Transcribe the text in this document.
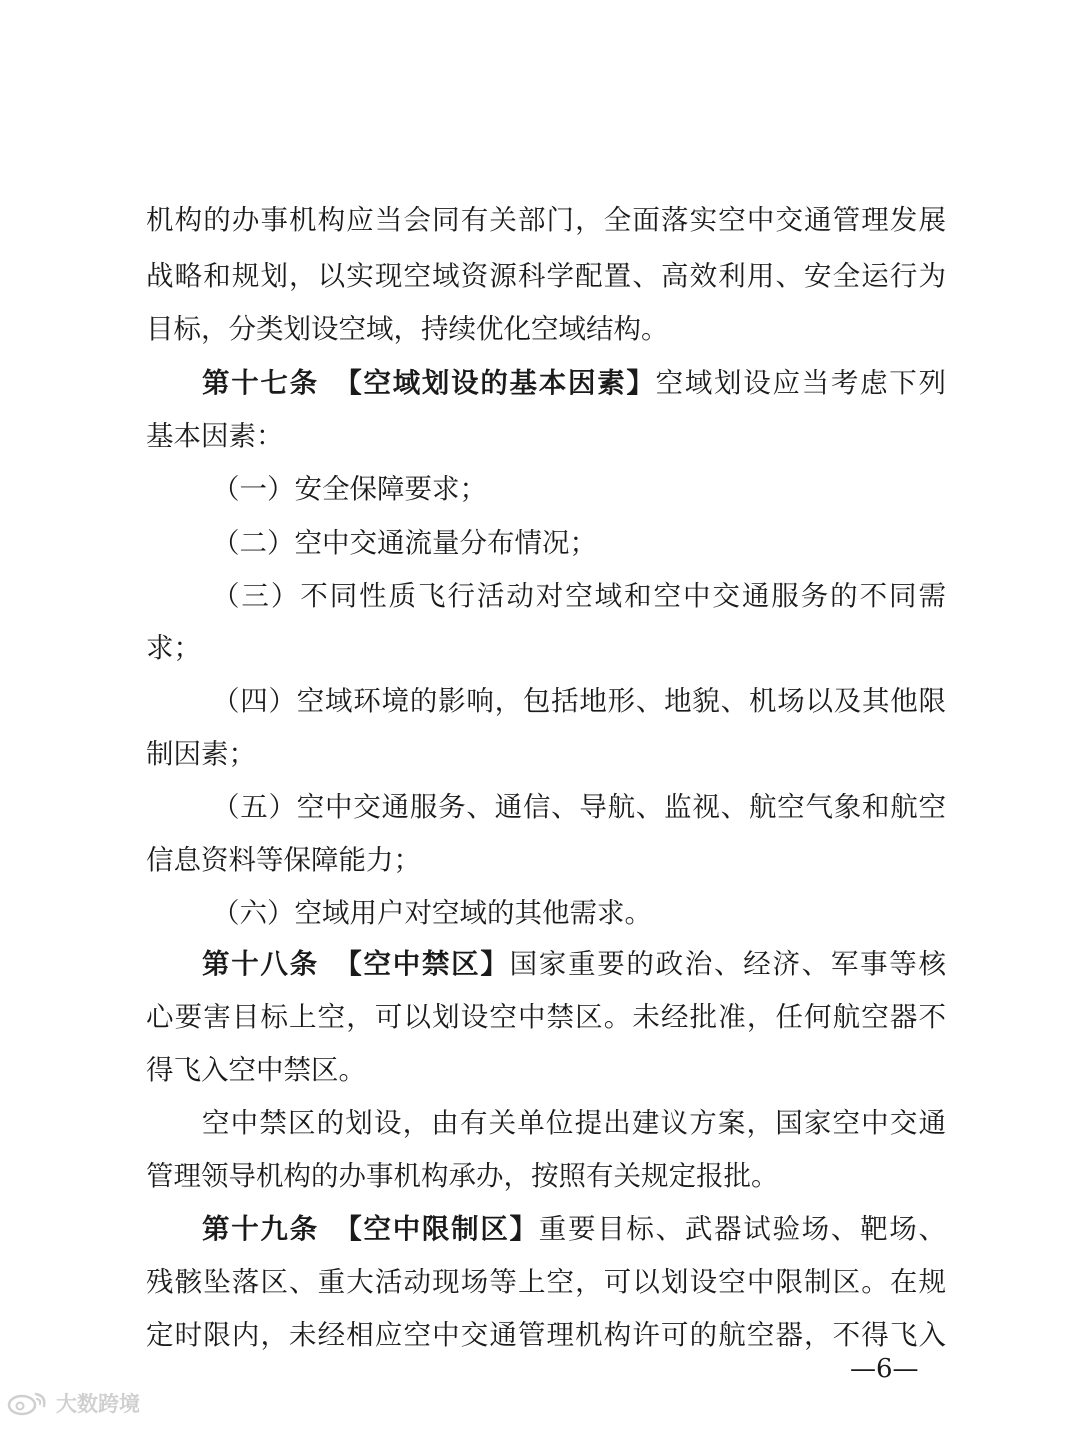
机构的办事机构应当会同有关部门，全面落实空中交通管理发展
战略和规划，以实现空域资源科学配置、高效利用、安全运行为
目标，分类划设空域，持续优化空域结构。
第十七条　【空域划设的基本因素】空域划设应当考虑下列
基本因素：
（一）安全保障要求；
（二）空中交通流量分布情况；
（三）不同性质飞行活动对空域和空中交通服务的不同需
求；
（四）空域环境的影响，包括地形、地貌、机场以及其他限
制因素；
（五）空中交通服务、通信、导航、监视、航空气象和航空
信息资料等保障能力；
（六）空域用户对空域的其他需求。
第十八条　【空中禁区】国家重要的政治、经济、军事等核
心要害目标上空，可以划设空中禁区。未经批准，任何航空器不
得飞入空中禁区。
空中禁区的划设，由有关单位提出建议方案，国家空中交通
管理领导机构的办事机构承办，按照有关规定报批。
第十九条　【空中限制区】重要目标、武器试验场、靶场、
残骸坠落区、重大活动现场等上空，可以划设空中限制区。在规
定时限内，未经相应空中交通管理机构许可的航空器，不得飞入
—6—
大数跨境
